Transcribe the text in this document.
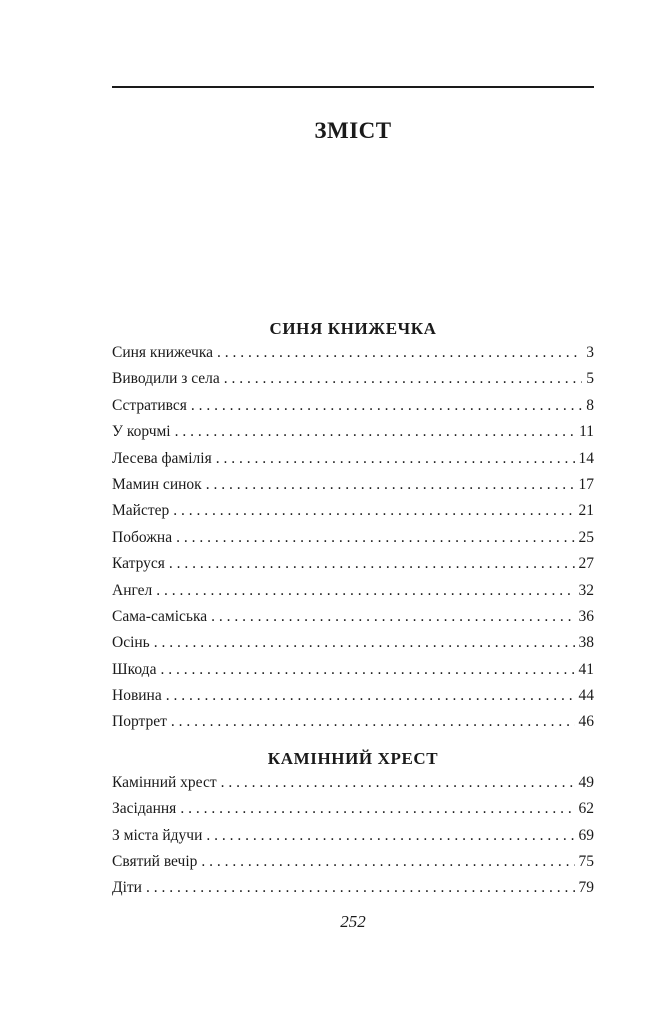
ЗМІСТ
СИНЯ КНИЖЕЧКА
Синя книжечка . . .	3
Виводили з села . . .	5
Сстратився . . .	8
У корчмі . . .	11
Лесева фамілія . . .	14
Мамин синок . . .	17
Майстер . . .	21
Побожна . . .	25
Катруся . . .	27
Ангел . . .	32
Сама-саміська . . .	36
Осінь . . .	38
Шкода . . .	41
Новина . . .	44
Портрет . . .	46
КАМІННИЙ ХРЕСТ
Камінний хрест . . .	49
Засідання . . .	62
З міста йдучи . . .	69
Святий вечір . . .	75
Діти . . .	79

252
